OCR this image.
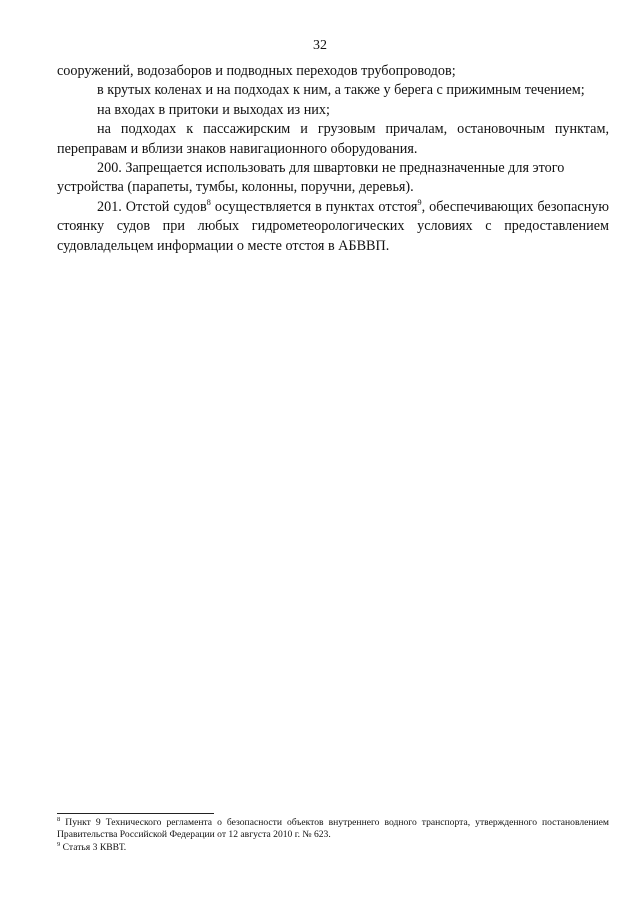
32

сооружений, водозаборов и подводных переходов трубопроводов;

в крутых коленах и на подходах к ним, а также у берега с прижимным течением;

на входах в притоки и выходах из них;

на подходах к пассажирским и грузовым причалам, остановочным пунктам, переправам и вблизи знаков навигационного оборудования.

200. Запрещается использовать для швартовки не предназначенные для этого устройства (парапеты, тумбы, колонны, поручни, деревья).

201. Отстой судов$^8$ осуществляется в пунктах отстоя$^9$, обеспечивающих безопасную стоянку судов при любых гидрометеорологических условиях с предоставлением судовладельцем информации о месте отстоя в АБВВП.

$^8$ Пункт 9 Технического регламента о безопасности объектов внутреннего водного транспорта, утвержденного постановлением Правительства Российской Федерации от 12 августа 2010 г. № 623.

$^9$ Статья 3 КВВТ.
